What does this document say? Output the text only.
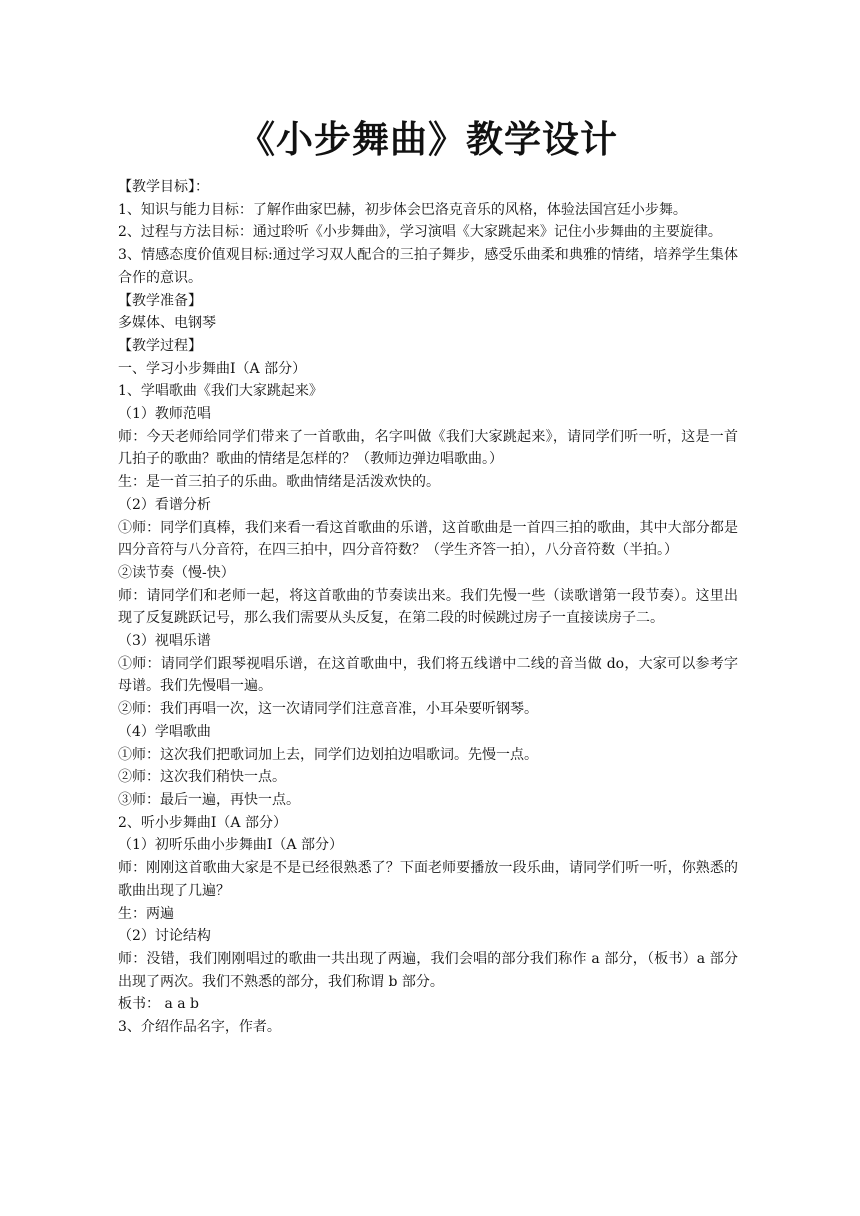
《小步舞曲》教学设计
【教学目标】：
1、知识与能力目标：了解作曲家巴赫，初步体会巴洛克音乐的风格，体验法国宫廷小步舞。
2、过程与方法目标：通过聆听《小步舞曲》，学习演唱《大家跳起来》记住小步舞曲的主要旋律。
3、情感态度价值观目标:通过学习双人配合的三拍子舞步，感受乐曲柔和典雅的情绪，培养学生集体合作的意识。
【教学准备】
多媒体、电钢琴
【教学过程】
一、学习小步舞曲Ⅰ（A 部分）
1、学唱歌曲《我们大家跳起来》
（1）教师范唱
师：今天老师给同学们带来了一首歌曲，名字叫做《我们大家跳起来》，请同学们听一听，这是一首几拍子的歌曲？歌曲的情绪是怎样的？（教师边弹边唱歌曲。）
生：是一首三拍子的乐曲。歌曲情绪是活泼欢快的。
（2）看谱分析
①师：同学们真棒，我们来看一看这首歌曲的乐谱，这首歌曲是一首四三拍的歌曲，其中大部分都是四分音符与八分音符，在四三拍中，四分音符数？（学生齐答一拍），八分音符数（半拍。）
②读节奏（慢-快）
师：请同学们和老师一起，将这首歌曲的节奏读出来。我们先慢一些（读歌谱第一段节奏）。这里出现了反复跳跃记号，那么我们需要从头反复，在第二段的时候跳过房子一直接读房子二。
（3）视唱乐谱
①师：请同学们跟琴视唱乐谱，在这首歌曲中，我们将五线谱中二线的音当做 do，大家可以参考字母谱。我们先慢唱一遍。
②师：我们再唱一次，这一次请同学们注意音准，小耳朵要听钢琴。
（4）学唱歌曲
①师：这次我们把歌词加上去，同学们边划拍边唱歌词。先慢一点。
②师：这次我们稍快一点。
③师：最后一遍，再快一点。
2、听小步舞曲Ⅰ（A 部分）
（1）初听乐曲小步舞曲Ⅰ（A 部分）
师：刚刚这首歌曲大家是不是已经很熟悉了？下面老师要播放一段乐曲，请同学们听一听，你熟悉的歌曲出现了几遍？
生：两遍
（2）讨论结构
师：没错，我们刚刚唱过的歌曲一共出现了两遍，我们会唱的部分我们称作 a 部分，（板书）a 部分出现了两次。我们不熟悉的部分，我们称谓 b 部分。
板书： a a b
3、介绍作品名字，作者。
